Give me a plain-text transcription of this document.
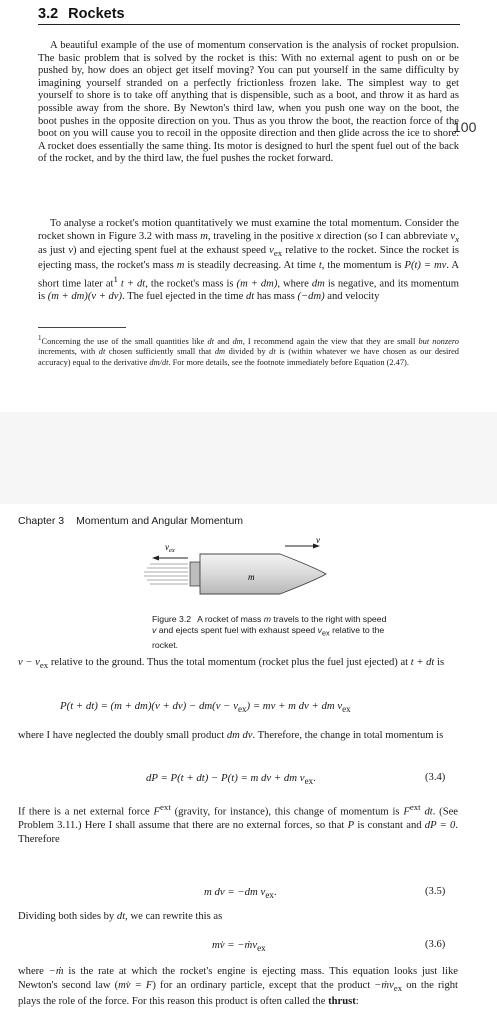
3.2 Rockets
100

A beautiful example of the use of momentum conservation is the analysis of rocket propulsion. The basic problem that is solved by the rocket is this: With no external agent to push on or be pushed by, how does an object get itself moving? You can put yourself in the same difficulty by imagining yourself stranded on a perfectly frictionless frozen lake. The simplest way to get yourself to shore is to take off anything that is dispensible, such as a boot, and throw it as hard as possible away from the shore. By Newton's third law, when you push one way on the boot, the boot pushes in the opposite direction on you. Thus as you throw the boot, the reaction force of the boot on you will cause you to recoil in the opposite direction and then glide across the ice to shore. A rocket does essentially the same thing. Its motor is designed to hurl the spent fuel out of the back of the rocket, and by the third law, the fuel pushes the rocket forward.

To analyse a rocket's motion quantitatively we must examine the total momentum. Consider the rocket shown in Figure 3.2 with mass m, traveling in the positive x direction (so I can abbreviate $v_x$ as just v) and ejecting spent fuel at the exhaust speed $v_{ex}$ relative to the rocket. Since the rocket is ejecting mass, the rocket's mass m is steadily decreasing. At time t, the momentum is P(t) = mv. A short time later $at^1$ t + dt, the rocket's mass is (m + dm), where dm is negative, and its momentum is (m + dm)(v + dv). The fuel ejected in the time dt has mass (−dm) and velocity

$^1$Concerning the use of the small quantities like dt and dm, I recommend again the view that they are small but nonzero increments, with dt chosen sufficiently small that dm divided by dt is (within whatever we have chosen as our desired accuracy) equal to the derivative dm/dt. For more details, see the footnote immediately before Equation (2.47).

Chapter 3 Momentum and Angular Momentum
$v_{ex}$
m
v

Figure 3.2 A rocket of mass m travels to the right with speed v and ejects spent fuel with exhaust speed $v_{ex}$ relative to the rocket.

$v - v_{ex}$ relative to the ground. Thus the total momentum (rocket plus the fuel just ejected) at t + dt is

$P(t + dt) = (m + dm)(v + dv) - dm(v - v_{ex})$ = mv + m dv + dm $v_{ex}$

where I have neglected the doubly small product dm dv. Therefore, the change in total momentum is

dP = P(t + dt) − P(t) = m dv + dm $v_{ex}$.	(3.4)

If there is a net external force $F^{ext}$ (gravity, for instance), this change of momentum is $F^{ext}$ dt. (See Problem 3.11.) Here I shall assume that there are no external forces, so that P is constant and dP = 0. Therefore

m dv = −dm $v_{ex}$.	(3.5)

Dividing both sides by dt, we can rewrite this as

mv̇ = −ṁv$_{ex}$	(3.6)

where −ṁ is the rate at which the rocket's engine is ejecting mass. This equation looks just like Newton's second law (mv̇ = F) for an ordinary particle, except that the product −ṁv$_{ex}$ on the right plays the role of the force. For this reason this product is often called the thrust:
